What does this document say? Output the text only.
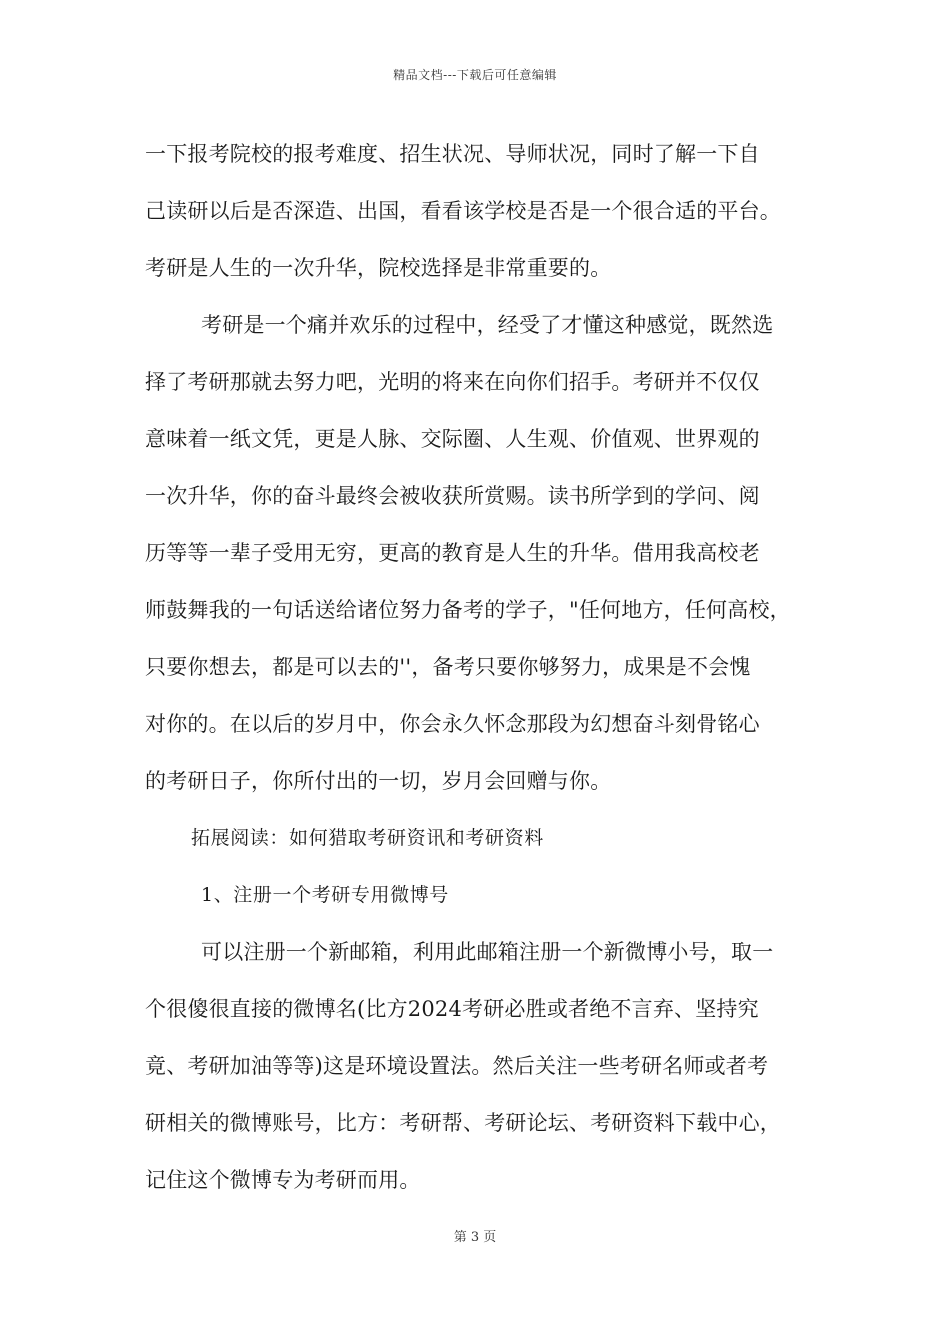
精品文档---下载后可任意编辑
一下报考院校的报考难度、招生状况、导师状况，同时了解一下自
己读研以后是否深造、出国，看看该学校是否是一个很合适的平台。
考研是人生的一次升华，院校选择是非常重要的。
考研是一个痛并欢乐的过程中，经受了才懂这种感觉，既然选
择了考研那就去努力吧，光明的将来在向你们招手。考研并不仅仅
意味着一纸文凭，更是人脉、交际圈、人生观、价值观、世界观的
一次升华，你的奋斗最终会被收获所赏赐。读书所学到的学问、阅
历等等一辈子受用无穷，更高的教育是人生的升华。借用我高校老
师鼓舞我的一句话送给诸位努力备考的学子，"任何地方，任何高校，
只要你想去，都是可以去的''，备考只要你够努力，成果是不会愧
对你的。在以后的岁月中，你会永久怀念那段为幻想奋斗刻骨铭心
的考研日子，你所付出的一切，岁月会回赠与你。
拓展阅读：如何猎取考研资讯和考研资料
1、注册一个考研专用微博号
可以注册一个新邮箱，利用此邮箱注册一个新微博小号，取一
个很傻很直接的微博名(比方2024考研必胜或者绝不言弃、坚持究
竟、考研加油等等)这是环境设置法。然后关注一些考研名师或者考
研相关的微博账号，比方：考研帮、考研论坛、考研资料下载中心，
记住这个微博专为考研而用。
第 3 页
